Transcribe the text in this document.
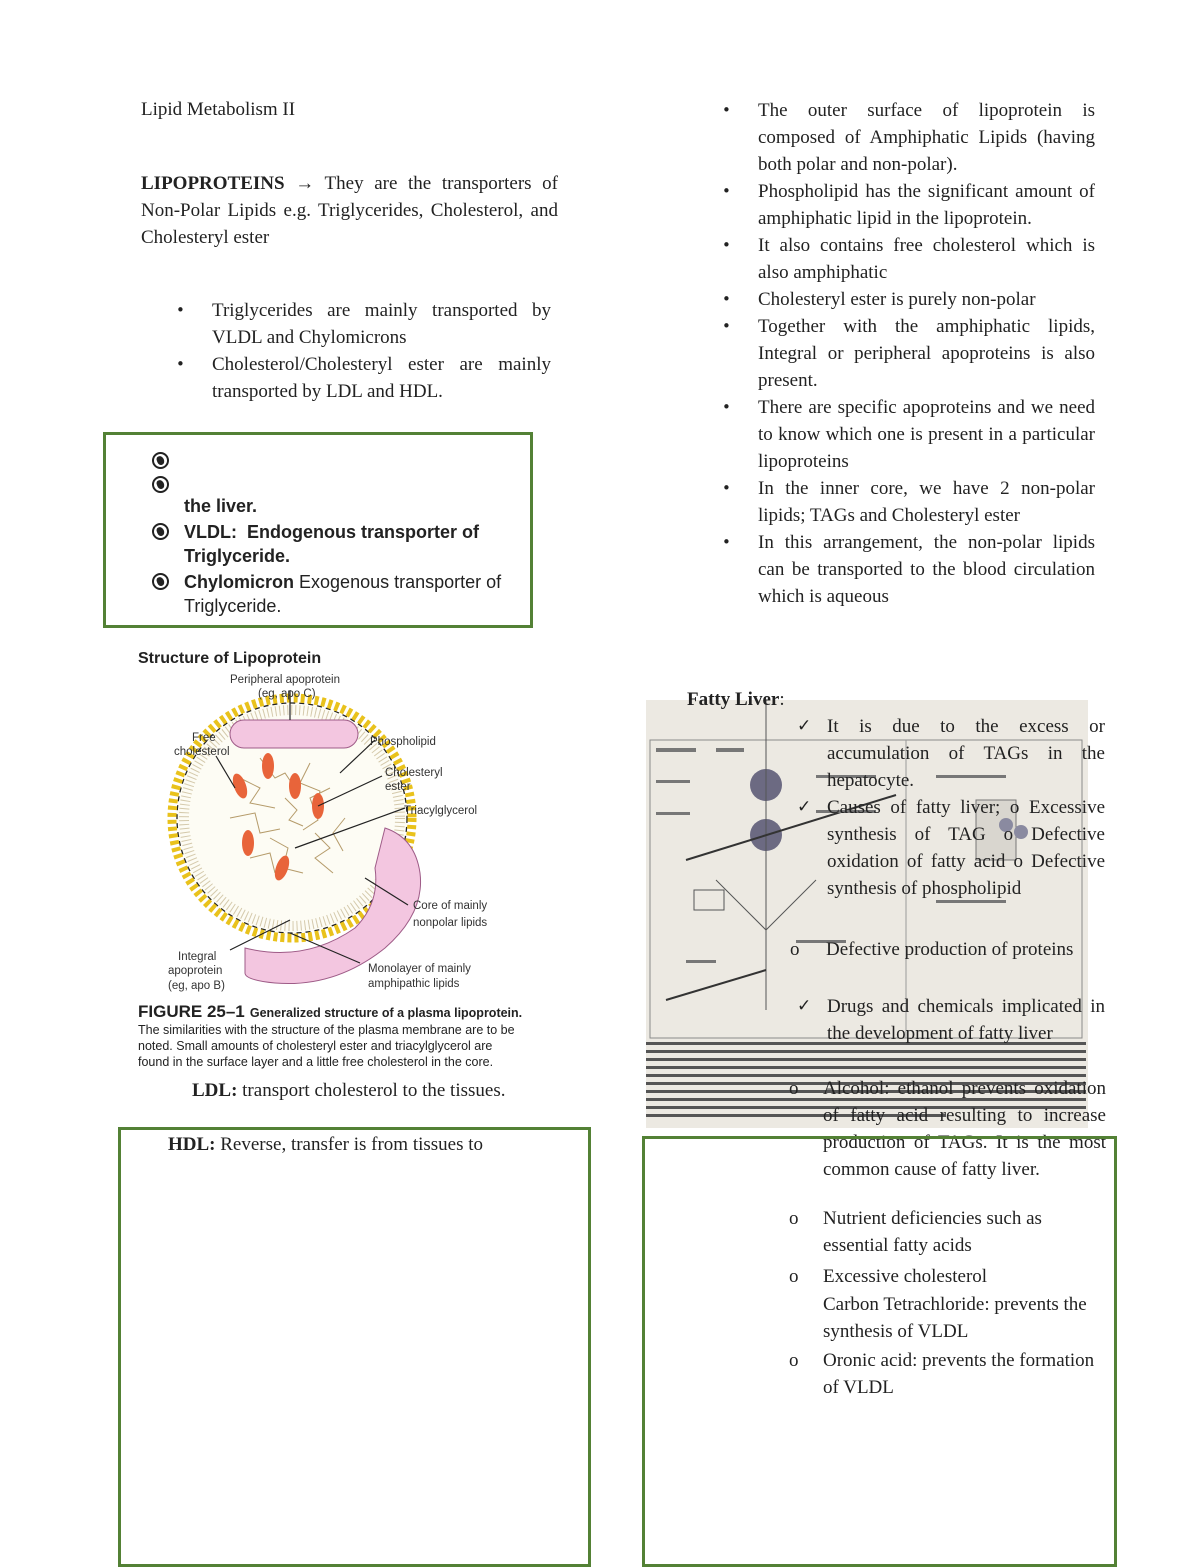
Lipid Metabolism II
LIPOPROTEINS → They are the transporters of Non-Polar Lipids e.g. Triglycerides, Cholesterol, and Cholesteryl ester
• Triglycerides are mainly transported by VLDL and Chylomicrons
• Cholesterol/Cholesteryl ester are mainly transported by LDL and HDL.
the liver.
VLDL: Endogenous transporter of Triglyceride.
Chylomicron Exogenous transporter of Triglyceride.
Structure of Lipoprotein
Peripheral apoprotein
(eg, apo C)
Free
cholesterol
Phospholipid
Cholesteryl
ester
Triacylglycerol
Core of mainly
nonpolar lipids
Integral
apoprotein
(eg, apo B)
Monolayer of mainly
amphipathic lipids
FIGURE 25–1 Generalized structure of a plasma lipoprotein.
The similarities with the structure of the plasma membrane are to be noted. Small amounts of cholesteryl ester and triacylglycerol are found in the surface layer and a little free cholesterol in the core.
LDL: transport cholesterol to the tissues.
HDL: Reverse, transfer is from tissues to
• The outer surface of lipoprotein is composed of Amphiphatic Lipids (having both polar and non-polar).
• Phospholipid has the significant amount of amphiphatic lipid in the lipoprotein.
• It also contains free cholesterol which is also amphiphatic
• Cholesteryl ester is purely non-polar
• Together with the amphiphatic lipids, Integral or peripheral apoproteins is also present.
• There are specific apoproteins and we need to know which one is present in a particular lipoproteins
• In the inner core, we have 2 non-polar lipids; TAGs and Cholesteryl ester
• In this arrangement, the non-polar lipids can be transported to the blood circulation which is aqueous
Fatty Liver:
It is due to the excess or accumulation of TAGs in the hepatocyte.
Causes of fatty liver; o Excessive synthesis of TAG o Defective oxidation of fatty acid o Defective synthesis of phospholipid
o Defective production of proteins
Drugs and chemicals implicated in the development of fatty liver
Alcohol: ethanol prevents oxidation of fatty acid resulting to increase production of TAGs. It is the most common cause of fatty liver.
Nutrient deficiencies such as essential fatty acids
Excessive cholesterol
Carbon Tetrachloride: prevents the synthesis of VLDL
Oronic acid: prevents the formation of VLDL
